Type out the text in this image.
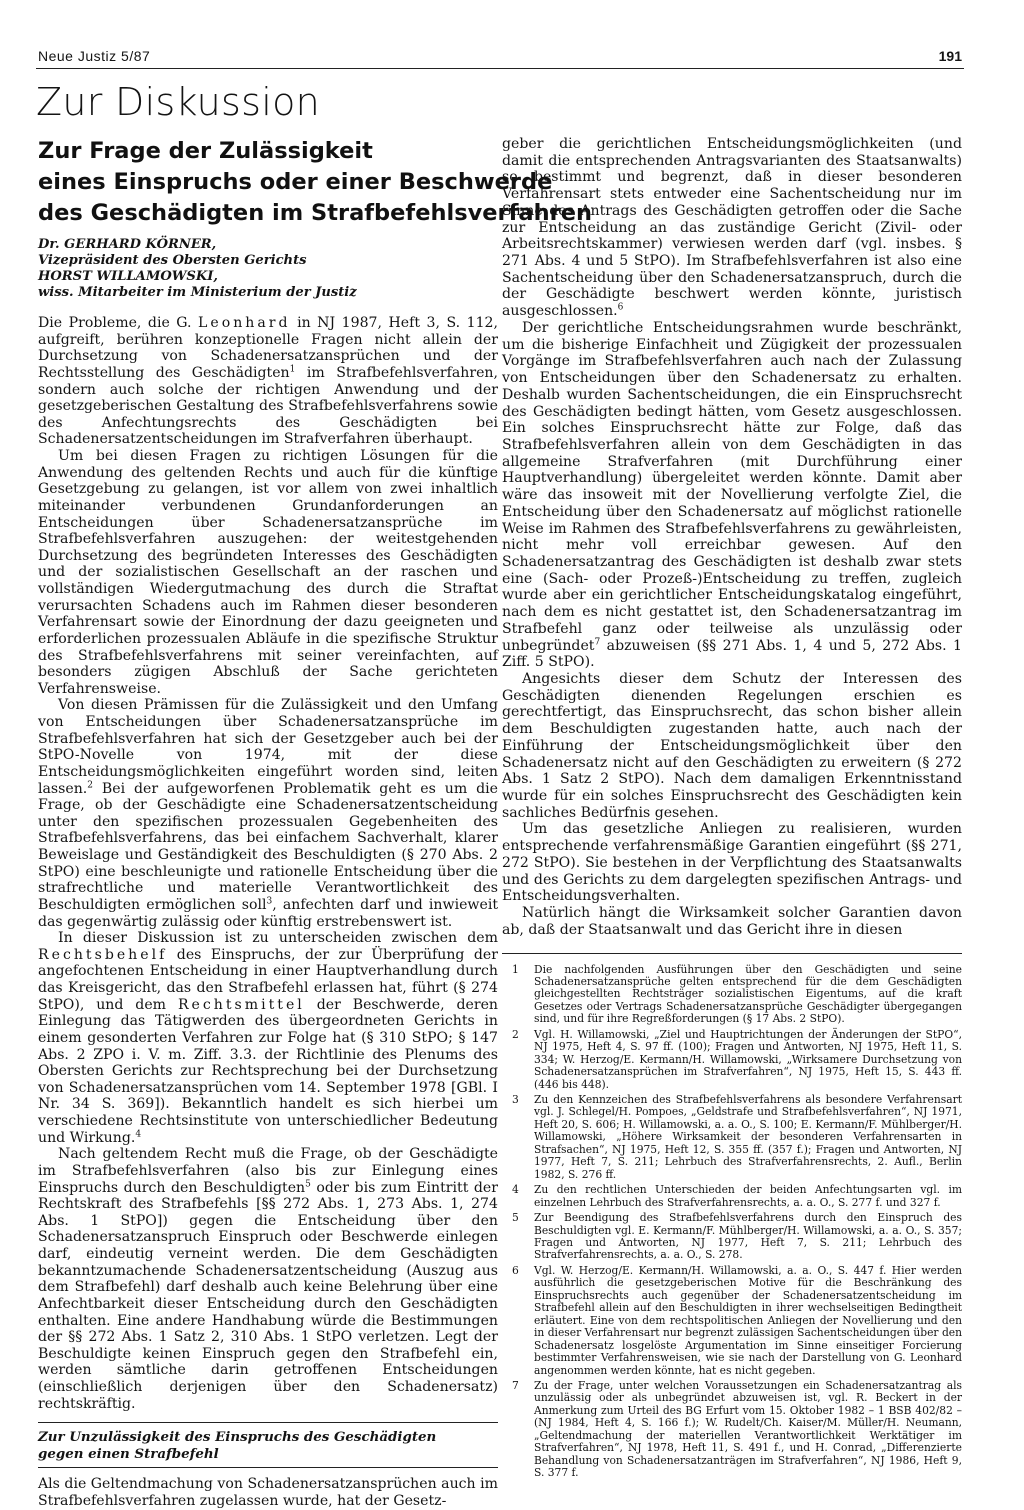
Neue Justiz 5/87	191
Zur Diskussion
Zur Frage der Zulässigkeit
eines Einspruchs oder einer Beschwerde
des Geschädigten im Strafbefehlsverfahren
Dr. GERHARD KÖRNER,
Vizepräsident des Obersten Gerichts
HORST WILLAMOWSKI,
wiss. Mitarbeiter im Ministerium der Justiz

Die Probleme, die G. Leonhard in NJ 1987, Heft 3, S. 112, aufgreift, berühren konzeptionelle Fragen nicht allein der Durchsetzung von Schadenersatzansprüchen und der Rechtsstellung des Geschädigten$^1$ im Strafbefehlsverfahren, sondern auch solche der richtigen Anwendung und der gesetzgeberischen Gestaltung des Strafbefehlsverfahrens sowie des Anfechtungsrechts des Geschädigten bei Schadenersatzentscheidungen im Strafverfahren überhaupt.

Um bei diesen Fragen zu richtigen Lösungen für die Anwendung des geltenden Rechts und auch für die künftige Gesetzgebung zu gelangen, ist vor allem von zwei inhaltlich miteinander verbundenen Grundanforderungen an Entscheidungen über Schadenersatzansprüche im Strafbefehlsverfahren auszugehen: der weitestgehenden Durchsetzung des begründeten Interesses des Geschädigten und der sozialistischen Gesellschaft an der raschen und vollständigen Wiedergutmachung des durch die Straftat verursachten Schadens auch im Rahmen dieser besonderen Verfahrensart sowie der Einordnung der dazu geeigneten und erforderlichen prozessualen Abläufe in die spezifische Struktur des Strafbefehlsverfahrens mit seiner vereinfachten, auf besonders zügigen Abschluß der Sache gerichteten Verfahrensweise.

Von diesen Prämissen für die Zulässigkeit und den Umfang von Entscheidungen über Schadenersatzansprüche im Strafbefehlsverfahren hat sich der Gesetzgeber auch bei der StPO-Novelle von 1974, mit der diese Entscheidungsmöglichkeiten eingeführt worden sind, leiten lassen.$^2$ Bei der aufgeworfenen Problematik geht es um die Frage, ob der Geschädigte eine Schadenersatzentscheidung unter den spezifischen prozessualen Gegebenheiten des Strafbefehlsverfahrens, das bei einfachem Sachverhalt, klarer Beweislage und Geständigkeit des Beschuldigten (§ 270 Abs. 2 StPO) eine beschleunigte und rationelle Entscheidung über die strafrechtliche und materielle Verantwortlichkeit des Beschuldigten ermöglichen soll$^3$, anfechten darf und inwieweit das gegenwärtig zulässig oder künftig erstrebenswert ist.

In dieser Diskussion ist zu unterscheiden zwischen dem Rechtsbehelf des Einspruchs, der zur Überprüfung der angefochtenen Entscheidung in einer Hauptverhandlung durch das Kreisgericht, das den Strafbefehl erlassen hat, führt (§ 274 StPO), und dem Rechtsmittel der Beschwerde, deren Einlegung das Tätigwerden des übergeordneten Gerichts in einem gesonderten Verfahren zur Folge hat (§ 310 StPO; § 147 Abs. 2 ZPO i. V. m. Ziff. 3.3. der Richtlinie des Plenums des Obersten Gerichts zur Rechtsprechung bei der Durchsetzung von Schadenersatzansprüchen vom 14. September 1978 [GBl. I Nr. 34 S. 369]). Bekanntlich handelt es sich hierbei um verschiedene Rechtsinstitute von unterschiedlicher Bedeutung und Wirkung.$^4$

Nach geltendem Recht muß die Frage, ob der Geschädigte im Strafbefehlsverfahren (also bis zur Einlegung eines Einspruchs durch den Beschuldigten$^5$ oder bis zum Eintritt der Rechtskraft des Strafbefehls [§§ 272 Abs. 1, 273 Abs. 1, 274 Abs. 1 StPO]) gegen die Entscheidung über den Schadenersatzanspruch Einspruch oder Beschwerde einlegen darf, eindeutig verneint werden. Die dem Geschädigten bekanntzumachende Schadenersatzentscheidung (Auszug aus dem Strafbefehl) darf deshalb auch keine Belehrung über eine Anfechtbarkeit dieser Entscheidung durch den Geschädigten enthalten. Eine andere Handhabung würde die Bestimmungen der §§ 272 Abs. 1 Satz 2, 310 Abs. 1 StPO verletzen. Legt der Beschuldigte keinen Einspruch gegen den Strafbefehl ein, werden sämtliche darin getroffenen Entscheidungen (einschließlich derjenigen über den Schadenersatz) rechtskräftig.

Zur Unzulässigkeit des Einspruchs des Geschädigten
gegen einen Strafbefehl

Als die Geltendmachung von Schadenersatzansprüchen auch im Strafbefehlsverfahren zugelassen wurde, hat der Gesetz-

geber die gerichtlichen Entscheidungsmöglichkeiten (und damit die entsprechenden Antragsvarianten des Staatsanwalts) so bestimmt und begrenzt, daß in dieser besonderen Verfahrensart stets entweder eine Sachentscheidung nur im Sinne des Antrags des Geschädigten getroffen oder die Sache zur Entscheidung an das zuständige Gericht (Zivil- oder Arbeitsrechtskammer) verwiesen werden darf (vgl. insbes. § 271 Abs. 4 und 5 StPO). Im Strafbefehlsverfahren ist also eine Sachentscheidung über den Schadenersatzanspruch, durch die der Geschädigte beschwert werden könnte, juristisch ausgeschlossen.$^6$

Der gerichtliche Entscheidungsrahmen wurde beschränkt, um die bisherige Einfachheit und Zügigkeit der prozessualen Vorgänge im Strafbefehlsverfahren auch nach der Zulassung von Entscheidungen über den Schadenersatz zu erhalten. Deshalb wurden Sachentscheidungen, die ein Einspruchsrecht des Geschädigten bedingt hätten, vom Gesetz ausgeschlossen. Ein solches Einspruchsrecht hätte zur Folge, daß das Strafbefehlsverfahren allein von dem Geschädigten in das allgemeine Strafverfahren (mit Durchführung einer Hauptverhandlung) übergeleitet werden könnte. Damit aber wäre das insoweit mit der Novellierung verfolgte Ziel, die Entscheidung über den Schadenersatz auf möglichst rationelle Weise im Rahmen des Strafbefehlsverfahrens zu gewährleisten, nicht mehr voll erreichbar gewesen. Auf den Schadenersatzantrag des Geschädigten ist deshalb zwar stets eine (Sach- oder Prozeß-)Entscheidung zu treffen, zugleich wurde aber ein gerichtlicher Entscheidungskatalog eingeführt, nach dem es nicht gestattet ist, den Schadenersatzantrag im Strafbefehl ganz oder teilweise als unzulässig oder unbegründet$^7$ abzuweisen (§§ 271 Abs. 1, 4 und 5, 272 Abs. 1 Ziff. 5 StPO).

Angesichts dieser dem Schutz der Interessen des Geschädigten dienenden Regelungen erschien es gerechtfertigt, das Einspruchsrecht, das schon bisher allein dem Beschuldigten zugestanden hatte, auch nach der Einführung der Entscheidungsmöglichkeit über den Schadenersatz nicht auf den Geschädigten zu erweitern (§ 272 Abs. 1 Satz 2 StPO). Nach dem damaligen Erkenntnisstand wurde für ein solches Einspruchsrecht des Geschädigten kein sachliches Bedürfnis gesehen.

Um das gesetzliche Anliegen zu realisieren, wurden entsprechende verfahrensmäßige Garantien eingeführt (§§ 271, 272 StPO). Sie bestehen in der Verpflichtung des Staatsanwalts und des Gerichts zu dem dargelegten spezifischen Antrags- und Entscheidungsverhalten.

Natürlich hängt die Wirksamkeit solcher Garantien davon ab, daß der Staatsanwalt und das Gericht ihre in diesen

1 Die nachfolgenden Ausführungen über den Geschädigten und seine Schadenersatzansprüche gelten entsprechend für die dem Geschädigten gleichgestellten Rechtsträger sozialistischen Eigentums, auf die kraft Gesetzes oder Vertrags Schadenersatzansprüche Geschädigter übergegangen sind, und für ihre Regreßforderungen (§ 17 Abs. 2 StPO).
2 Vgl. H. Willamowski, „Ziel und Hauptrichtungen der Änderungen der StPO“, NJ 1975, Heft 4, S. 97 ff. (100); Fragen und Antworten, NJ 1975, Heft 11, S. 334; W. Herzog/E. Kermann/H. Willamowski, „Wirksamere Durchsetzung von Schadenersatzansprüchen im Strafverfahren“, NJ 1975, Heft 15, S. 443 ff. (446 bis 448).
3 Zu den Kennzeichen des Strafbefehlsverfahrens als besondere Verfahrensart vgl. J. Schlegel/H. Pompoes, „Geldstrafe und Strafbefehlsverfahren“, NJ 1971, Heft 20, S. 606; H. Willamowski, a. a. O., S. 100; E. Kermann/F. Mühlberger/H. Willamowski, „Höhere Wirksamkeit der besonderen Verfahrensarten in Strafsachen“, NJ 1975, Heft 12, S. 355 ff. (357 f.); Fragen und Antworten, NJ 1977, Heft 7, S. 211; Lehrbuch des Strafverfahrensrechts, 2. Aufl., Berlin 1982, S. 276 ff.
4 Zu den rechtlichen Unterschieden der beiden Anfechtungsarten vgl. im einzelnen Lehrbuch des Strafverfahrensrechts, a. a. O., S. 277 f. und 327 f.
5 Zur Beendigung des Strafbefehlsverfahrens durch den Einspruch des Beschuldigten vgl. E. Kermann/F. Mühlberger/H. Willamowski, a. a. O., S. 357; Fragen und Antworten, NJ 1977, Heft 7, S. 211; Lehrbuch des Strafverfahrensrechts, a. a. O., S. 278.
6 Vgl. W. Herzog/E. Kermann/H. Willamowski, a. a. O., S. 447 f. Hier werden ausführlich die gesetzgeberischen Motive für die Beschränkung des Einspruchsrechts auch gegenüber der Schadenersatzentscheidung im Strafbefehl allein auf den Beschuldigten in ihrer wechselseitigen Bedingtheit erläutert. Eine von dem rechtspolitischen Anliegen der Novellierung und den in dieser Verfahrensart nur begrenzt zulässigen Sachentscheidungen über den Schadenersatz losgelöste Argumentation im Sinne einseitiger Forcierung bestimmter Verfahrensweisen, wie sie nach der Darstellung von G. Leonhard angenommen werden könnte, hat es nicht gegeben.
7 Zu der Frage, unter welchen Voraussetzungen ein Schadenersatzantrag als unzulässig oder als unbegründet abzuweisen ist, vgl. R. Beckert in der Anmerkung zum Urteil des BG Erfurt vom 15. Oktober 1982 – 1 BSB 402/82 – (NJ 1984, Heft 4, S. 166 f.); W. Rudelt/Ch. Kaiser/M. Müller/H. Neumann, „Geltendmachung der materiellen Verantwortlichkeit Werktätiger im Strafverfahren“, NJ 1978, Heft 11, S. 491 f., und H. Conrad, „Differenzierte Behandlung von Schadenersatzanträgen im Strafverfahren“, NJ 1986, Heft 9, S. 377 f.
